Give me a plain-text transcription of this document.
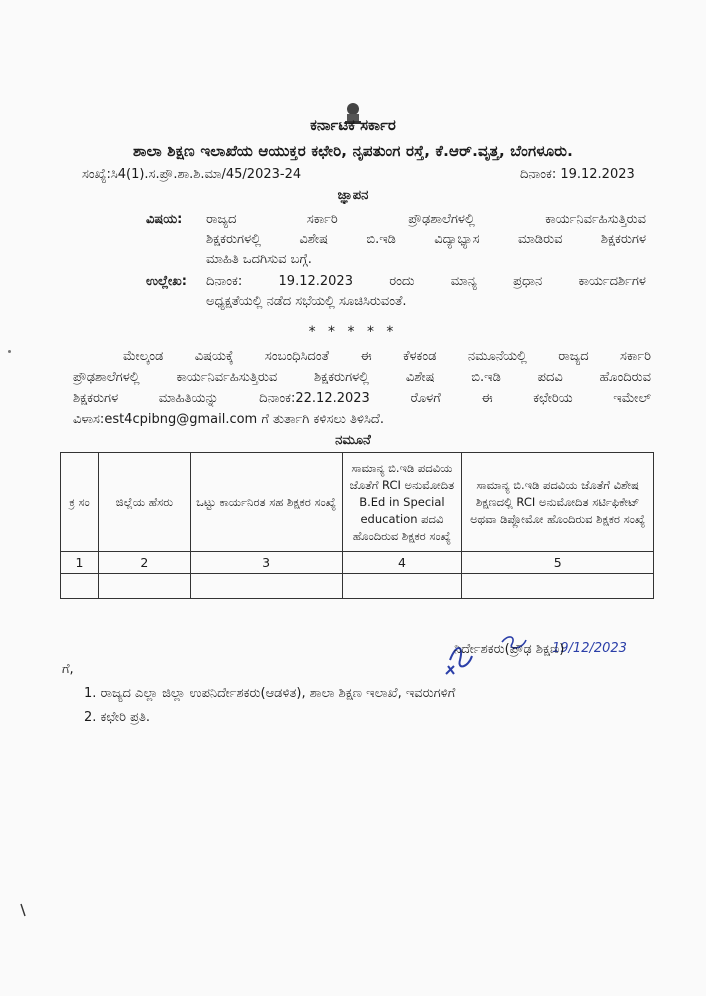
ಕರ್ನಾಟಕ ಸರ್ಕಾರ
ಶಾಲಾ ಶಿಕ್ಷಣ ಇಲಾಖೆಯ ಆಯುಕ್ತರ ಕಛೇರಿ, ನೃಪತುಂಗ ರಸ್ತೆ, ಕೆ.ಆರ್.ವೃತ್ತ, ಬೆಂಗಳೂರು.
ಸಂಖ್ಯೆ:ಸಿ4(1).ಸ.ಪ್ರೌ.ಶಾ.ಶಿ.ಮಾ/45/2023-24	ದಿನಾಂಕ: 19.12.2023
ಜ್ಞಾಪನ
ವಿಷಯ: ರಾಜ್ಯದ ಸರ್ಕಾರಿ ಪ್ರೌಢಶಾಲೆಗಳಲ್ಲಿ ಕಾರ್ಯನಿರ್ವಹಿಸುತ್ತಿರುವ
ಶಿಕ್ಷಕರುಗಳಲ್ಲಿ ವಿಶೇಷ ಬಿ.ಇಡಿ ವಿದ್ಯಾಭ್ಯಾಸ ಮಾಡಿರುವ ಶಿಕ್ಷಕರುಗಳ
ಮಾಹಿತಿ ಒದಗಿಸುವ ಬಗ್ಗೆ.
ಉಲ್ಲೇಖ: ದಿನಾಂಕ: 19.12.2023 ರಂದು ಮಾನ್ಯ ಪ್ರಧಾನ ಕಾರ್ಯದರ್ಶಿಗಳ
ಅಧ್ಯಕ್ಷತೆಯಲ್ಲಿ ನಡೆದ ಸಭೆಯಲ್ಲಿ ಸೂಚಿಸಿರುವಂತೆ.
* * * * *
ಮೇಲ್ಕಂಡ ವಿಷಯಕ್ಕೆ ಸಂಬಂಧಿಸಿದಂತೆ ಈ ಕೆಳಕಂಡ ನಮೂನೆಯಲ್ಲಿ ರಾಜ್ಯದ ಸರ್ಕಾರಿ
ಪ್ರೌಢಶಾಲೆಗಳಲ್ಲಿ ಕಾರ್ಯನಿರ್ವಹಿಸುತ್ತಿರುವ ಶಿಕ್ಷಕರುಗಳಲ್ಲಿ ವಿಶೇಷ ಬಿ.ಇಡಿ ಪದವಿ ಹೊಂದಿರುವ
ಶಿಕ್ಷಕರುಗಳ ಮಾಹಿತಿಯನ್ನು ದಿನಾಂಕ:22.12.2023 ರೊಳಗೆ ಈ ಕಛೇರಿಯ ಇಮೇಲ್
ವಿಳಾಸ:est4cpibng@gmail.com ಗೆ ತುರ್ತಾಗಿ ಕಳಿಸಲು ತಿಳಿಸಿದೆ.
ನಮೂನೆ
ಕ್ರ ಸಂ	ಜಿಲ್ಲೆಯ ಹೆಸರು	ಒಟ್ಟು ಕಾರ್ಯನಿರತ ಸಹ ಶಿಕ್ಷಕರ ಸಂಖ್ಯೆ	ಸಾಮಾನ್ಯ ಬಿ.ಇಡಿ ಪದವಿಯ ಜೊತೆಗೆ RCI ಅನುಮೋದಿತ B.Ed in Special education ಪದವಿ ಹೊಂದಿರುವ ಶಿಕ್ಷಕರ ಸಂಖ್ಯೆ	ಸಾಮಾನ್ಯ ಬಿ.ಇಡಿ ಪದವಿಯ ಜೊತೆಗೆ ವಿಶೇಷ ಶಿಕ್ಷಣದಲ್ಲಿ RCI ಅನುಮೋದಿತ ಸರ್ಟಿಫಿಕೇಟ್ ಅಥವಾ ಡಿಪ್ಲೋಮೋ ಹೊಂದಿರುವ ಶಿಕ್ಷಕರ ಸಂಖ್ಯೆ
1	2	3	4	5

19/12/2023
ನಿರ್ದೇಶಕರು(ಪ್ರೌಢ ಶಿಕ್ಷಣ)
ಗೆ,
1. ರಾಜ್ಯದ ಎಲ್ಲಾ ಜಿಲ್ಲಾ ಉಪನಿರ್ದೇಶಕರು(ಆಡಳಿತ), ಶಾಲಾ ಶಿಕ್ಷಣ ಇಲಾಖೆ, ಇವರುಗಳಿಗೆ
2. ಕಛೇರಿ ಪ್ರತಿ.
